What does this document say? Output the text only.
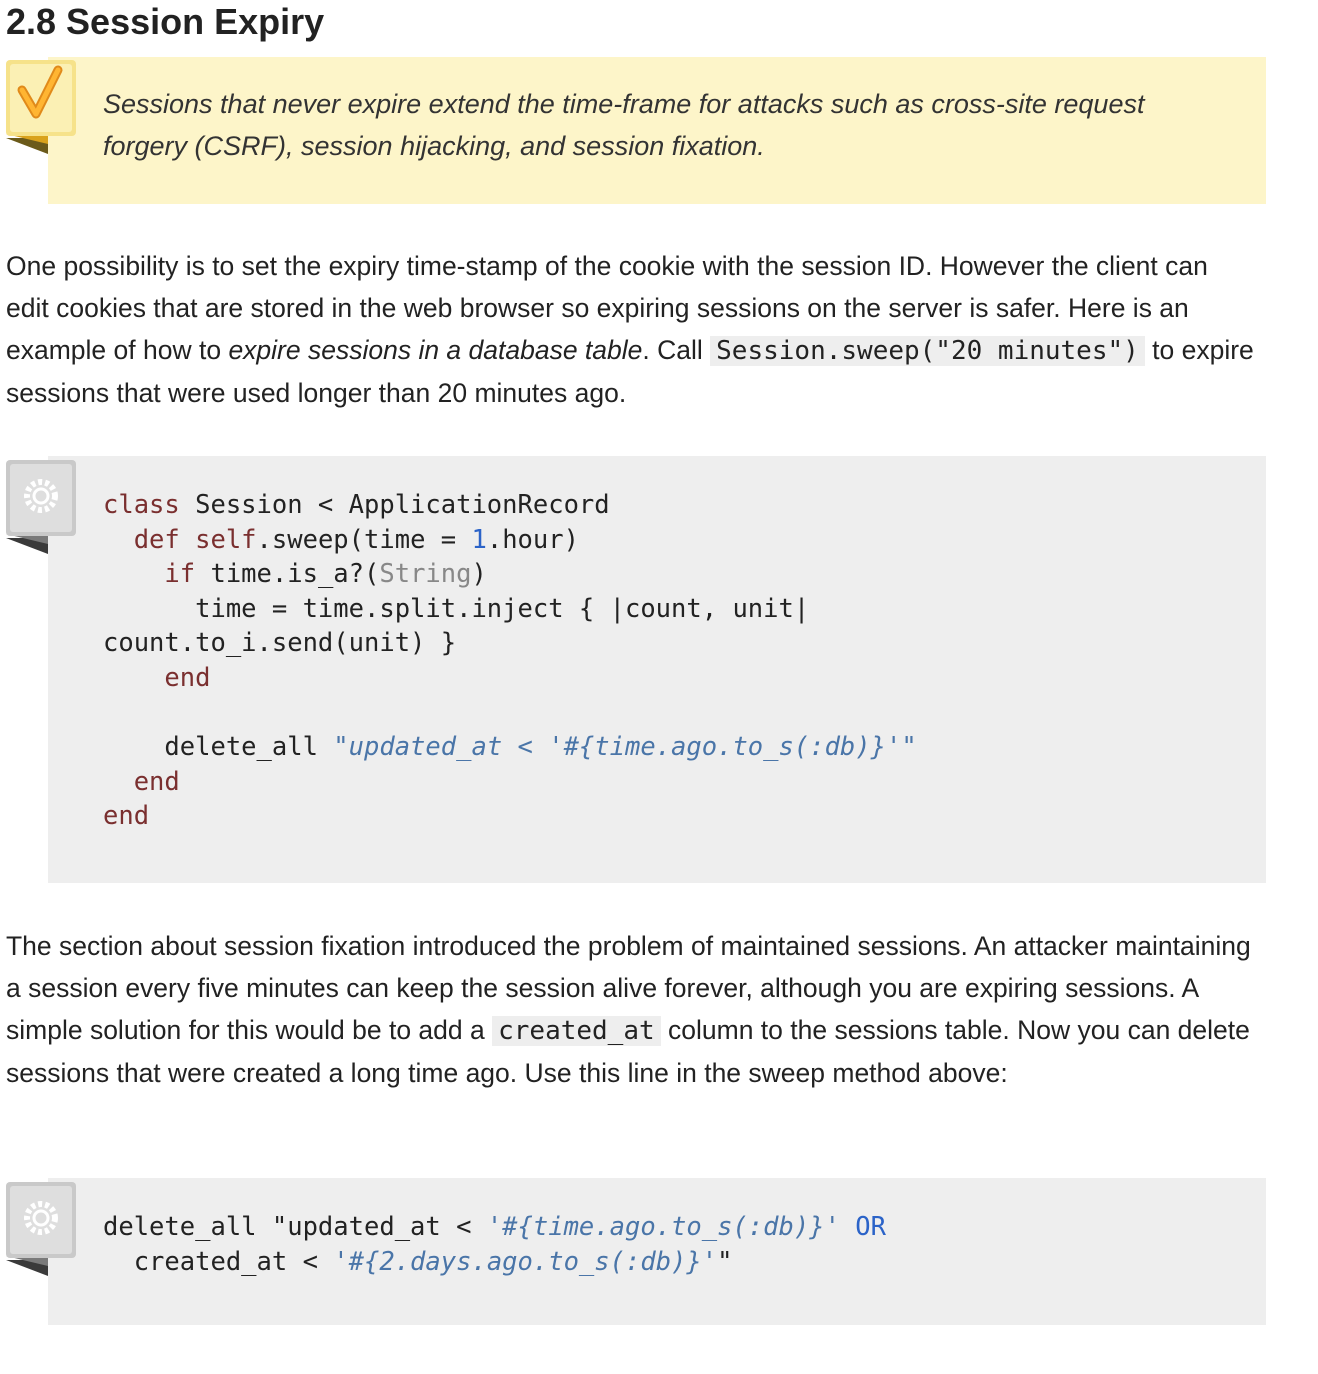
2.8 Session Expiry

Sessions that never expire extend the time-frame for attacks such as cross-site request forgery (CSRF), session hijacking, and session fixation.

One possibility is to set the expiry time-stamp of the cookie with the session ID. However the client can edit cookies that are stored in the web browser so expiring sessions on the server is safer. Here is an example of how to expire sessions in a database table. Call Session.sweep("20 minutes") to expire sessions that were used longer than 20 minutes ago.

class Session < ApplicationRecord
def self.sweep(time = 1.hour)
if time.is_a?(String)
time = time.split.inject { |count, unit|
count.to_i.send(unit) }
end

delete_all "updated_at < '#{time.ago.to_s(:db)}'"
end
end

The section about session fixation introduced the problem of maintained sessions. An attacker maintaining a session every five minutes can keep the session alive forever, although you are expiring sessions. A simple solution for this would be to add a created_at column to the sessions table. Now you can delete sessions that were created a long time ago. Use this line in the sweep method above:

delete_all "updated_at < '#{time.ago.to_s(:db)}' OR
created_at < '#{2.days.ago.to_s(:db)}'"
